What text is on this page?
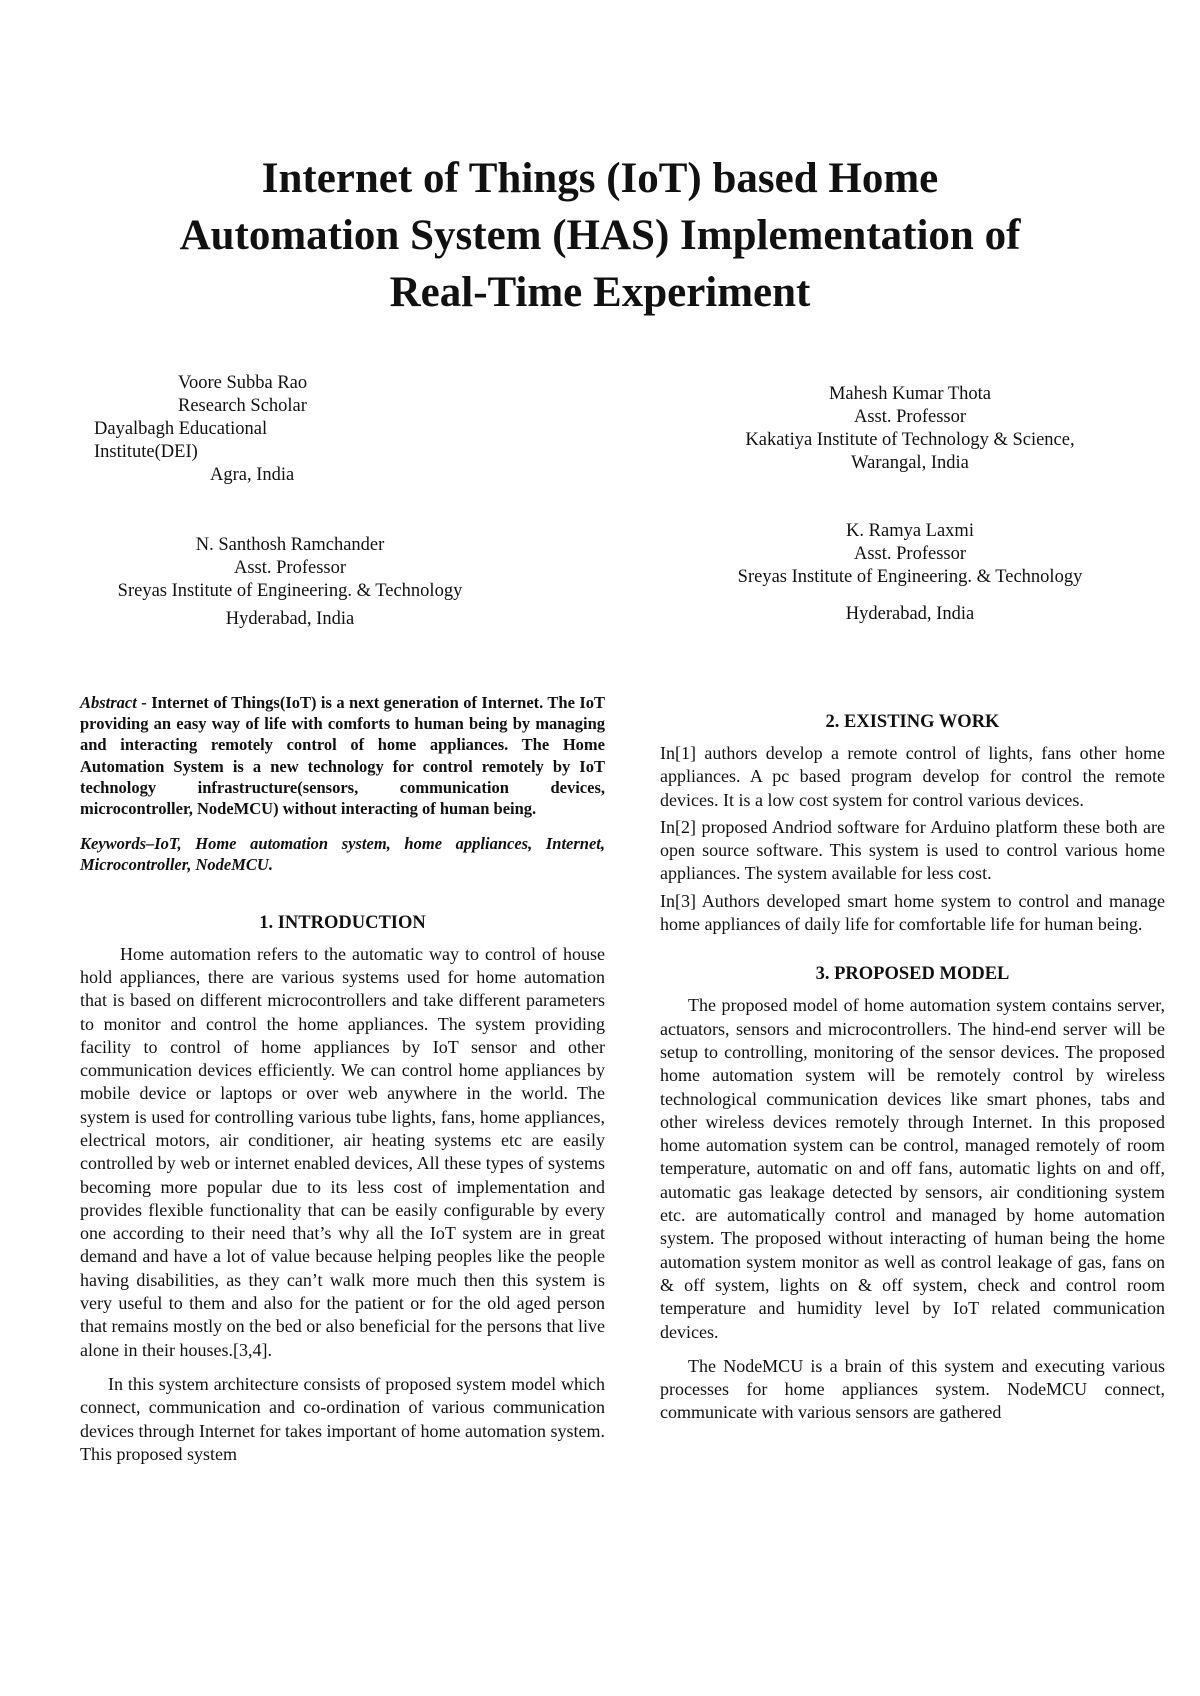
Internet of Things (IoT) based Home
Automation System (HAS) Implementation of
Real-Time Experiment
Voore Subba Rao
Research Scholar
Dayalbagh Educational
Institute(DEI)
Agra, India
Mahesh Kumar Thota
Asst. Professor
Kakatiya Institute of Technology & Science,
Warangal, India
N. Santhosh Ramchander
Asst. Professor
Sreyas Institute of Engineering. & Technology
Hyderabad, India
K. Ramya Laxmi
Asst. Professor
Sreyas Institute of Engineering. & Technology
Hyderabad, India

Abstract - Internet of Things(IoT) is a next generation of Internet. The IoT providing an easy way of life with comforts to human being by managing and interacting remotely control of home appliances. The Home Automation System is a new technology for control remotely by IoT technology infrastructure(sensors, communication devices, microcontroller, NodeMCU) without interacting of human being.

Keywords–IoT, Home automation system, home appliances, Internet, Microcontroller, NodeMCU.

1. INTRODUCTION

Home automation refers to the automatic way to control of house hold appliances, there are various systems used for home automation that is based on different microcontrollers and take different parameters to monitor and control the home appliances. The system providing facility to control of home appliances by IoT sensor and other communication devices efficiently. We can control home appliances by mobile device or laptops or over web anywhere in the world. The system is used for controlling various tube lights, fans, home appliances, electrical motors, air conditioner, air heating systems etc are easily controlled by web or internet enabled devices, All these types of systems becoming more popular due to its less cost of implementation and provides flexible functionality that can be easily configurable by every one according to their need that’s why all the IoT system are in great demand and have a lot of value because helping peoples like the people having disabilities, as they can’t walk more much then this system is very useful to them and also for the patient or for the old aged person that remains mostly on the bed or also beneficial for the persons that live alone in their houses.[3,4].

In this system architecture consists of proposed system model which connect, communication and co-ordination of various communication devices through Internet for takes important of home automation system. This proposed system

2. EXISTING WORK

In[1] authors develop a remote control of lights, fans other home appliances. A pc based program develop for control the remote devices. It is a low cost system for control various devices.

In[2] proposed Andriod software for Arduino platform these both are open source software. This system is used to control various home appliances. The system available for less cost.

In[3] Authors developed smart home system to control and manage home appliances of daily life for comfortable life for human being.

3. PROPOSED MODEL

The proposed model of home automation system contains server, actuators, sensors and microcontrollers. The hind-end server will be setup to controlling, monitoring of the sensor devices. The proposed home automation system will be remotely control by wireless technological communication devices like smart phones, tabs and other wireless devices remotely through Internet. In this proposed home automation system can be control, managed remotely of room temperature, automatic on and off fans, automatic lights on and off, automatic gas leakage detected by sensors, air conditioning system etc. are automatically control and managed by home automation system. The proposed without interacting of human being the home automation system monitor as well as control leakage of gas, fans on & off system, lights on & off system, check and control room temperature and humidity level by IoT related communication devices.

The NodeMCU is a brain of this system and executing various processes for home appliances system. NodeMCU connect, communicate with various sensors are gathered
